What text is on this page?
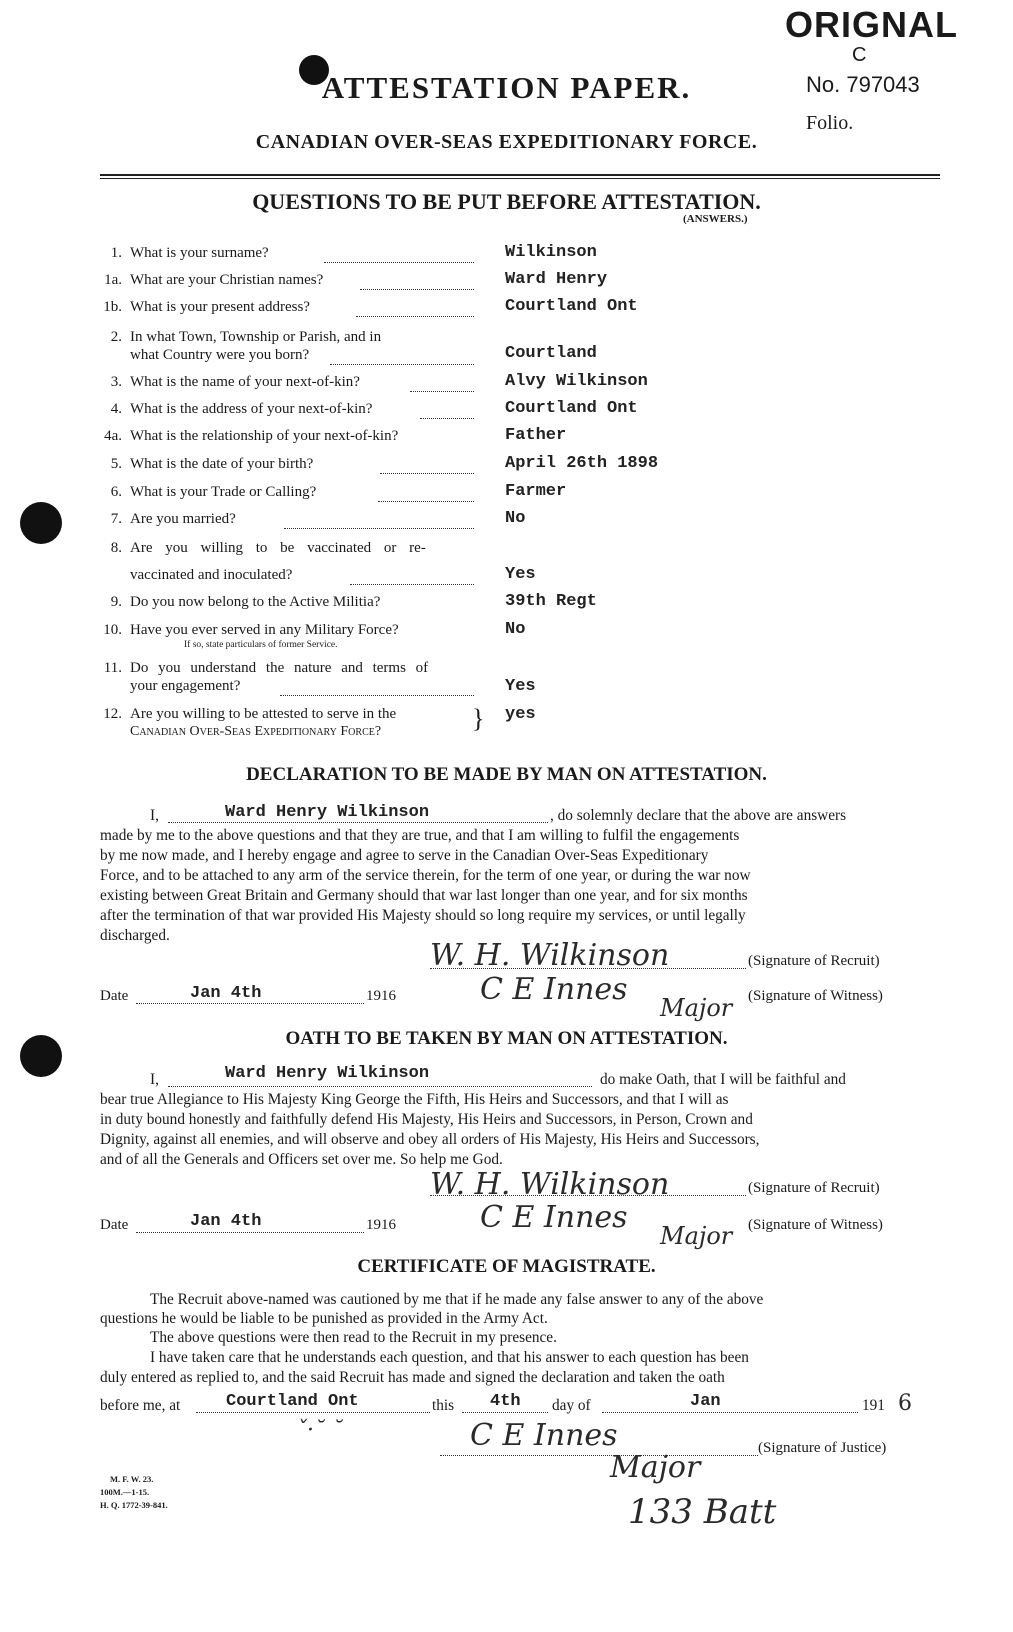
ORIGNAL
C
No. 797043
Folio.
ATTESTATION PAPER.
CANADIAN OVER-SEAS EXPEDITIONARY FORCE.
QUESTIONS TO BE PUT BEFORE ATTESTATION.
(ANSWERS.)
1. What is your surname?	Wilkinson
1a. What are your Christian names?	Ward Henry
1b. What is your present address?	Courtland Ont
2. In what Town, Township or Parish, and in
what Country were you born?	Courtland
3. What is the name of your next-of-kin?	Alvy Wilkinson
4. What is the address of your next-of-kin?	Courtland Ont
4a. What is the relationship of your next-of-kin?	Father
5. What is the date of your birth?	April 26th 1898
6. What is your Trade or Calling?	Farmer
7. Are you married?	No
8. Are you willing to be vaccinated or re-
vaccinated and inoculated?	Yes
9. Do you now belong to the Active Militia?	39th Regt
10. Have you ever served in any Military Force?
If so, state particulars of former Service.
No
11. Do you understand the nature and terms of
your engagement?	Yes
12. Are you willing to be attested to serve in the
Canadian Over-Seas Expeditionary Force?	} yes
DECLARATION TO BE MADE BY MAN ON ATTESTATION.
I,	Ward Henry Wilkinson	, do solemnly declare that the above are answers
made by me to the above questions and that they are true, and that I am willing to fulfil the engagements
by me now made, and I hereby engage and agree to serve in the Canadian Over-Seas Expeditionary
Force, and to be attached to any arm of the service therein, for the term of one year, or during the war now
existing between Great Britain and Germany should that war last longer than one year, and for six months
after the termination of that war provided His Majesty should so long require my services, or until legally
discharged.
W. H. Wilkinson	(Signature of Recruit)
Date	Jan 4th	1916	C E Innes
Major (Signature of Witness)
OATH TO BE TAKEN BY MAN ON ATTESTATION.
I,	Ward Henry Wilkinson	do make Oath, that I will be faithful and
bear true Allegiance to His Majesty King George the Fifth, His Heirs and Successors, and that I will as
in duty bound honestly and faithfully defend His Majesty, His Heirs and Successors, in Person, Crown and
Dignity, against all enemies, and will observe and obey all orders of His Majesty, His Heirs and Successors,
and of all the Generals and Officers set over me. So help me God.
W. H. Wilkinson	(Signature of Recruit)
Date	Jan 4th	1916	C E Innes
Major (Signature of Witness)
CERTIFICATE OF MAGISTRATE.
The Recruit above-named was cautioned by me that if he made any false answer to any of the above
questions he would be liable to be punished as provided in the Army Act.
The above questions were then read to the Recruit in my presence.
I have taken care that he understands each question, and that his answer to each question has been
duly entered as replied to, and the said Recruit has made and signed the declaration and taken the oath
before me, at	Courtland Ont	this 4th day of	Jan	191 6
ˇ·˘ ˘	C E Innes	(Signature of Justice)
Major
133 Batt
M. F. W. 23.
100M.—1-15.
H. Q. 1772-39-841.
